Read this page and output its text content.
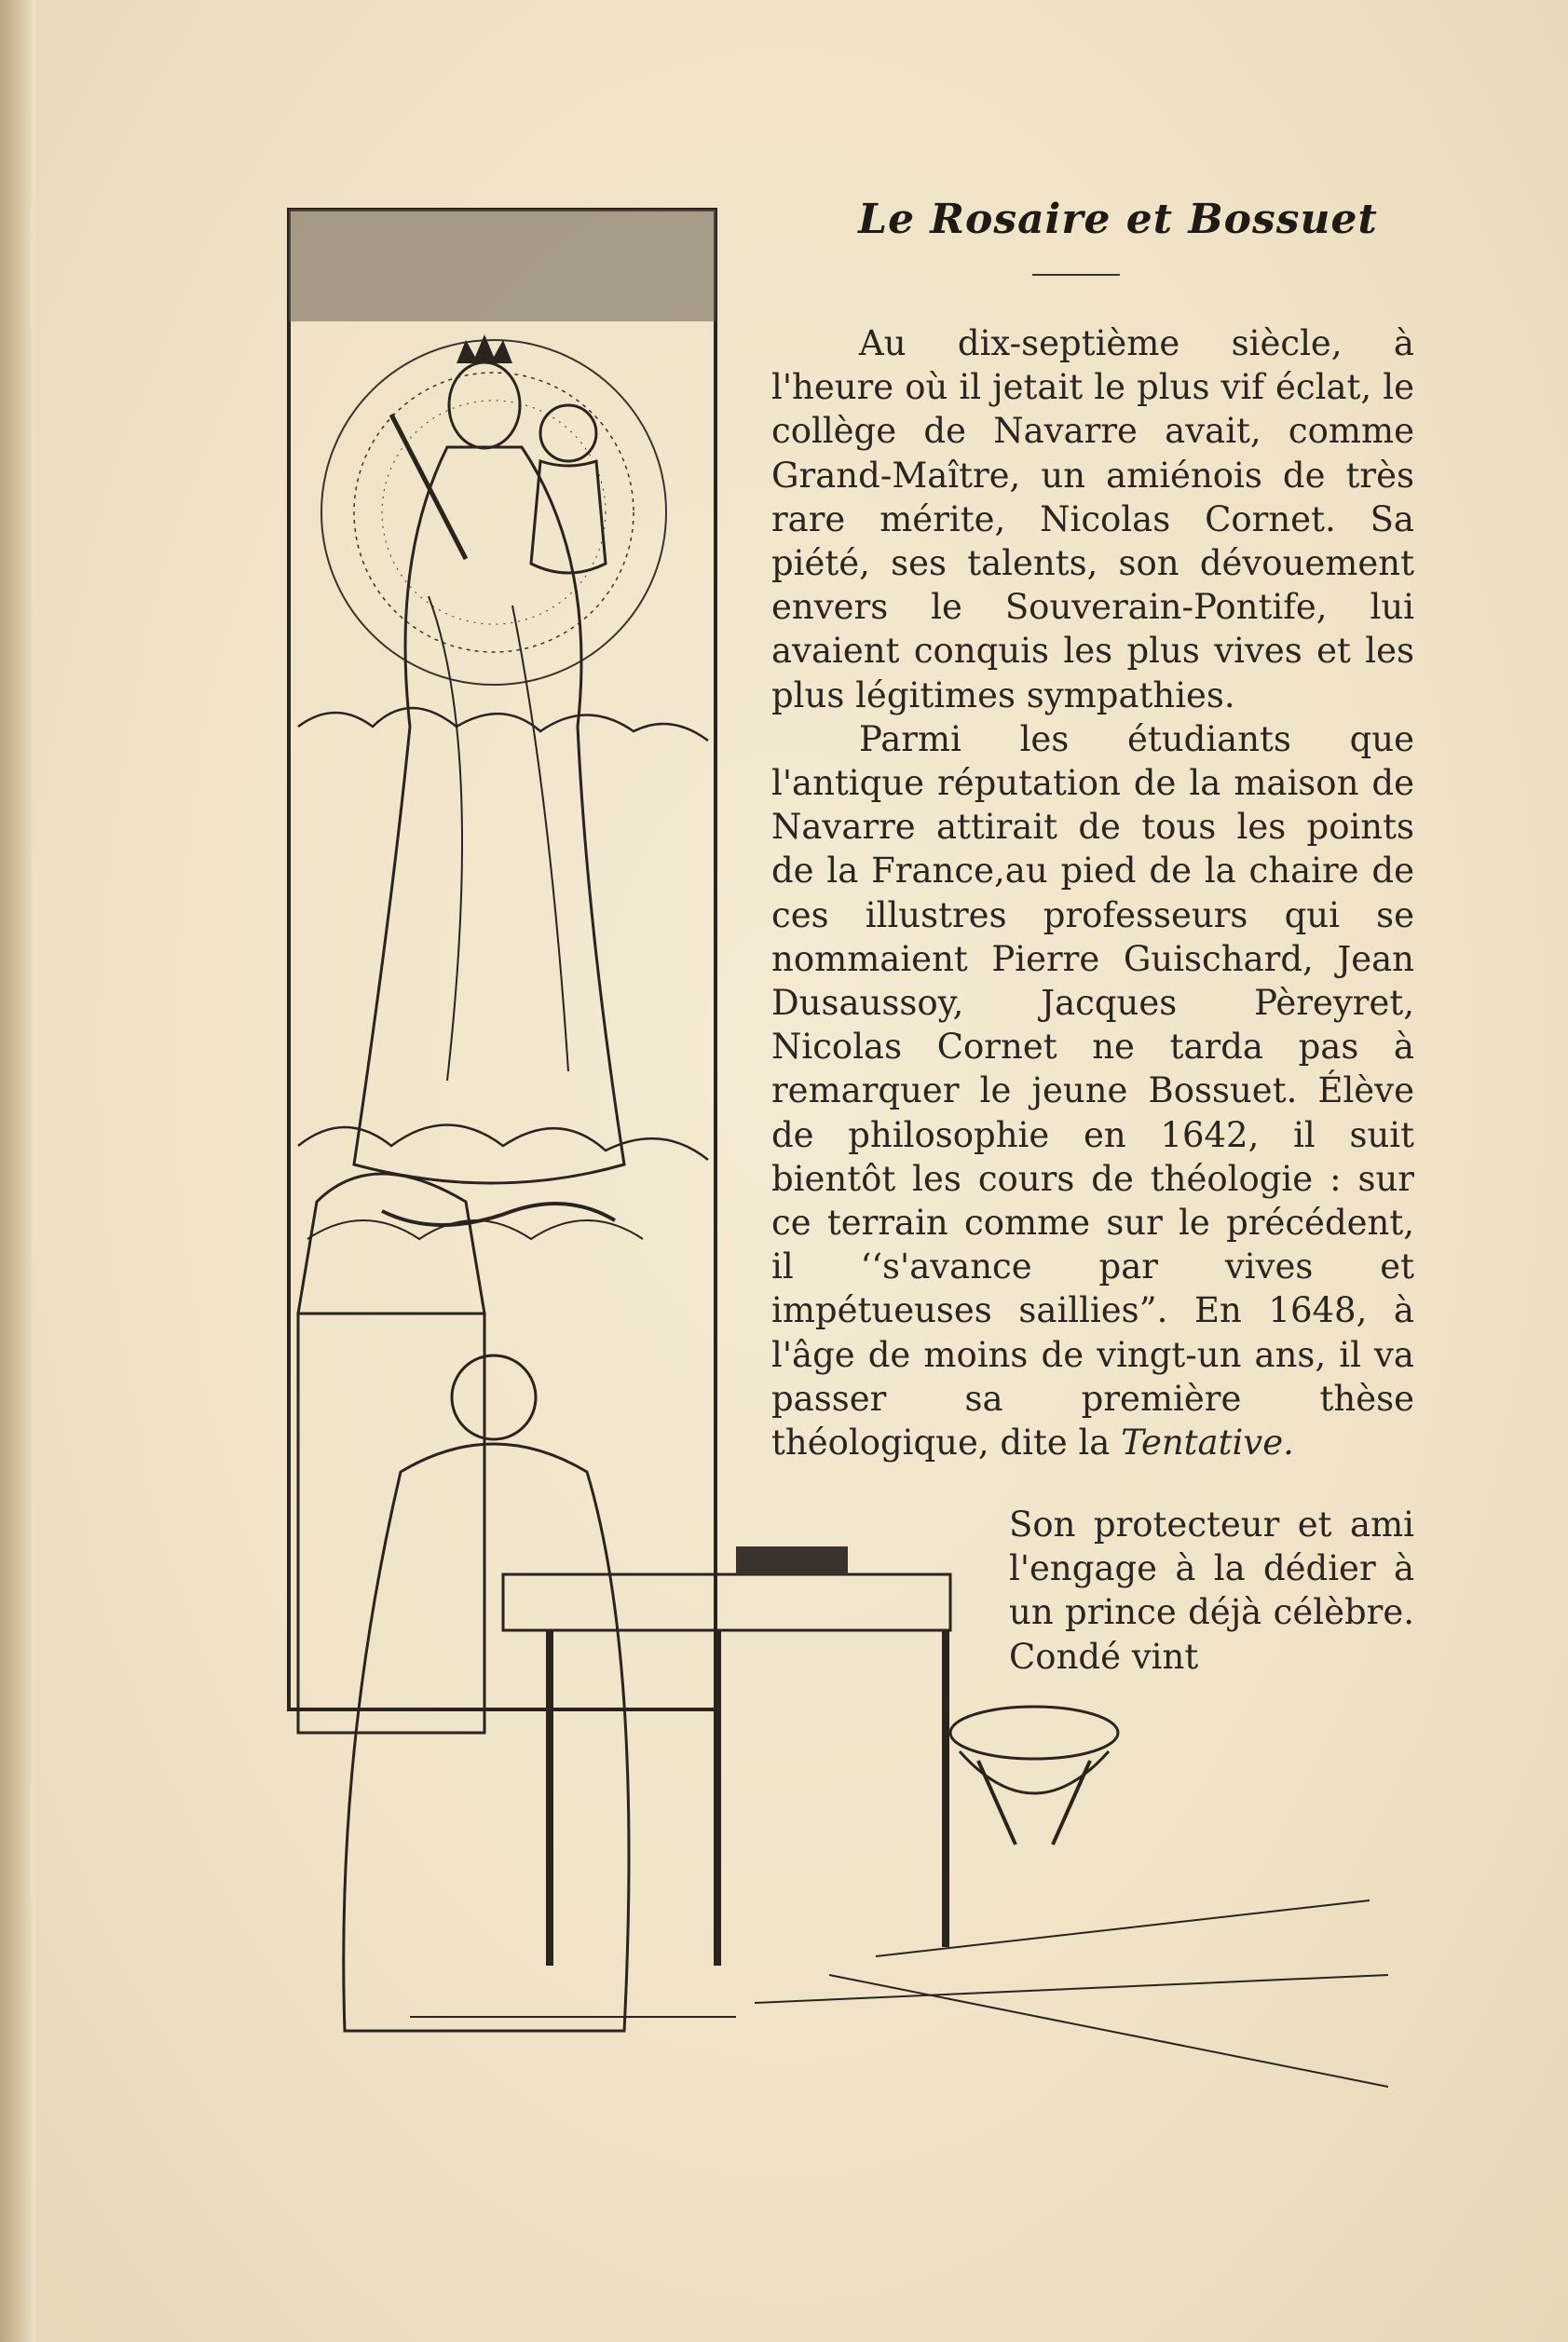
Le Rosaire et Bossuet

Au dix-septième siècle, à l'heure où il jetait le plus vif éclat, le collège de Navarre avait, comme Grand-Maître, un amiénois de très rare mérite, Nicolas Cornet. Sa piété, ses talents, son dévouement envers le Souverain-Pontife, lui avaient conquis les plus vives et les plus légitimes sympathies.

Parmi les étudiants que l'antique réputation de la maison de Navarre attirait de tous les points de la France,au pied de la chaire de ces illustres professeurs qui se nommaient Pierre Guischard, Jean Dusaussoy, Jacques Pèreyret, Nicolas Cornet ne tarda pas à remarquer le jeune Bossuet. Élève de philosophie en 1642, il suit bientôt les cours de théologie : sur ce terrain comme sur le précédent, il ‘‘s'avance par vives et impétueuses saillies”. En 1648, à l'âge de moins de vingt-un ans, il va passer sa première thèse théologique, dite la Tentative.

Son protecteur et ami l'engage à la dédier à un prince déjà célèbre. Condé vint
